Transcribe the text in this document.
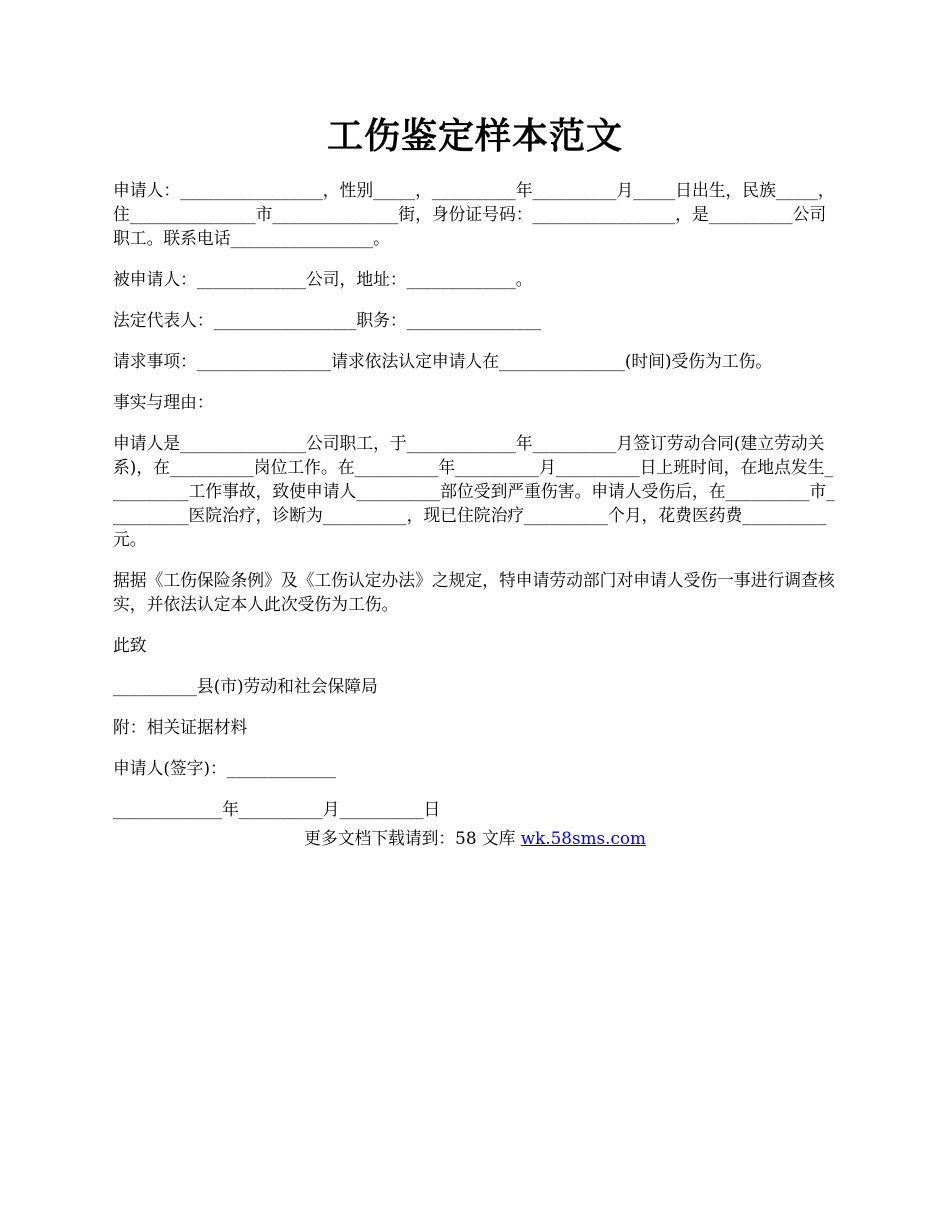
工伤鉴定样本范文

申请人：_________________，性别_____，__________年__________月_____日出生，民族_____，住_______________市_______________街，身份证号码：_________________，是__________公司职工。联系电话_________________。

被申请人：_____________公司，地址：_____________。

法定代表人：_________________职务：________________

请求事项：________________请求依法认定申请人在_______________(时间)受伤为工伤。

事实与理由：

申请人是_______________公司职工，于_____________年__________月签订劳动合同(建立劳动关系)，在__________岗位工作。在__________年__________月__________日上班时间，在地点发生__________工作事故，致使申请人__________部位受到严重伤害。申请人受伤后，在__________市__________医院治疗，诊断为__________，现已住院治疗__________个月，花费医药费__________元。

据据《工伤保险条例》及《工伤认定办法》之规定，特申请劳动部门对申请人受伤一事进行调查核实，并依法认定本人此次受伤为工伤。

此致

__________县(市)劳动和社会保障局

附：相关证据材料

申请人(签字)：_____________

_____________年__________月__________日

更多文档下载请到：58 文库 wk.58sms.com
